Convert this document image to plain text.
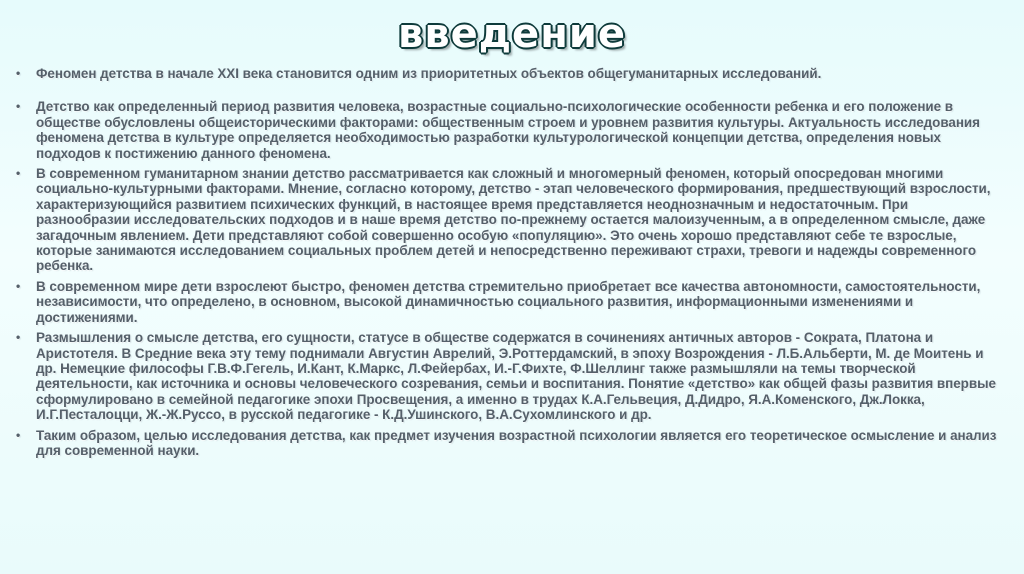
введение
• Феномен детства в начале XXI века становится одним из приоритетных объектов общегуманитарных исследований.
• Детство как определенный период развития человека, возрастные социально-психологические особенности ребенка и его положение в обществе обусловлены общеисторическими факторами: общественным строем и уровнем развития культуры. Актуальность исследования феномена детства в культуре определяется необходимостью разработки культурологической концепции детства, определения новых подходов к постижению данного феномена.
• В современном гуманитарном знании детство рассматривается как сложный и многомерный феномен, который опосредован многими социально-культурными факторами. Мнение, согласно которому, детство - этап человеческого формирования, предшествующий взрослости, характеризующийся развитием психических функций, в настоящее время представляется неоднозначным и недостаточным. При разнообразии исследовательских подходов и в наше время детство по-прежнему остается малоизученным, а в определенном смысле, даже загадочным явлением. Дети представляют собой совершенно особую «популяцию». Это очень хорошо представляют себе те взрослые, которые занимаются исследованием социальных проблем детей и непосредственно переживают страхи, тревоги и надежды современного ребенка.
• В современном мире дети взрослеют быстро, феномен детства стремительно приобретает все качества автономности, самостоятельности, независимости, что определено, в основном, высокой динамичностью социального развития, информационными изменениями и достижениями.
• Размышления о смысле детства, его сущности, статусе в обществе содержатся в сочинениях античных авторов - Сократа, Платона и Аристотеля. В Средние века эту тему поднимали Августин Аврелий, Э.Роттердамский, в эпоху Возрождения - Л.Б.Альберти, М. де Моитень и др. Немецкие философы Г.В.Ф.Гегель, И.Кант, К.Маркс, Л.Фейербах, И.-Г.Фихте, Ф.Шеллинг также размышляли на темы творческой деятельности, как источника и основы человеческого созревания, семьи и воспитания. Понятие «детство» как общей фазы развития впервые сформулировано в семейной педагогике эпохи Просвещения, а именно в трудах К.А.Гельвеция, Д.Дидро, Я.А.Коменского, Дж.Локка, И.Г.Песталоцци, Ж.-Ж.Руссо, в русской педагогике - К.Д.Ушинского, В.А.Сухомлинского и др.
• Таким образом, целью исследования детства, как предмет изучения возрастной психологии является его теоретическое осмысление и анализ для современной науки.
